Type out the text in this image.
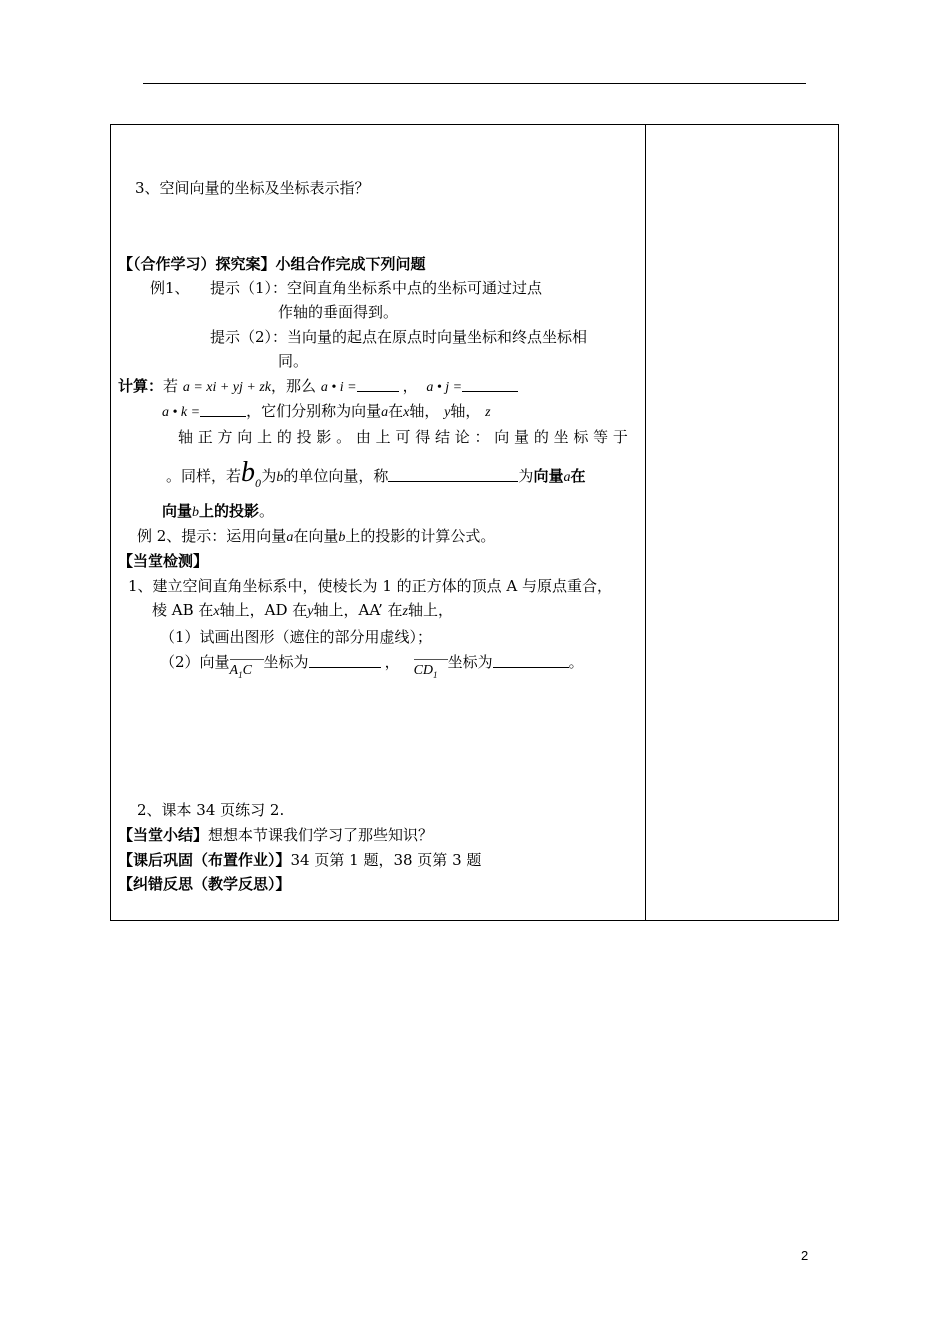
3、空间向量的坐标及坐标表示指？
【（合作学习）探究案】小组合作完成下列问题
例1、 提示（1）：空间直角坐标系中点的坐标可通过过点
作轴的垂面得到。
提示（2）：当向量的起点在原点时向量坐标和终点坐标相
同。
计算：若 a = xi + yj + zk，那么 a • i =	， a • j =
a • k =	，它们分别称为向量a在x轴， y轴， z
轴 正 方 向 上 的 投 影 。 由 上 可 得 结 论 ： 向 量 的 坐 标 等 于
。同样，若$b_0$为b的单位向量，称	为向量a在
向量b上的投影。
例 2、提示：运用向量a在向量b上的投影的计算公式。
【当堂检测】
1、建立空间直角坐标系中，使棱长为 1 的正方体的顶点 A 与原点重合，
棱 AB 在x轴上，AD 在y轴上，AA’ 在z轴上，
（1）试画出图形（遮住的部分用虚线）；
（2）向量 $A_1C$ 坐标为	， $CD_1$
坐标为	。
2、课本 34 页练习 2.
【当堂小结】想想本节课我们学习了那些知识？
【课后巩固（布置作业）】34 页第 1 题，38 页第 3 题
【纠错反思（教学反思）】
2
